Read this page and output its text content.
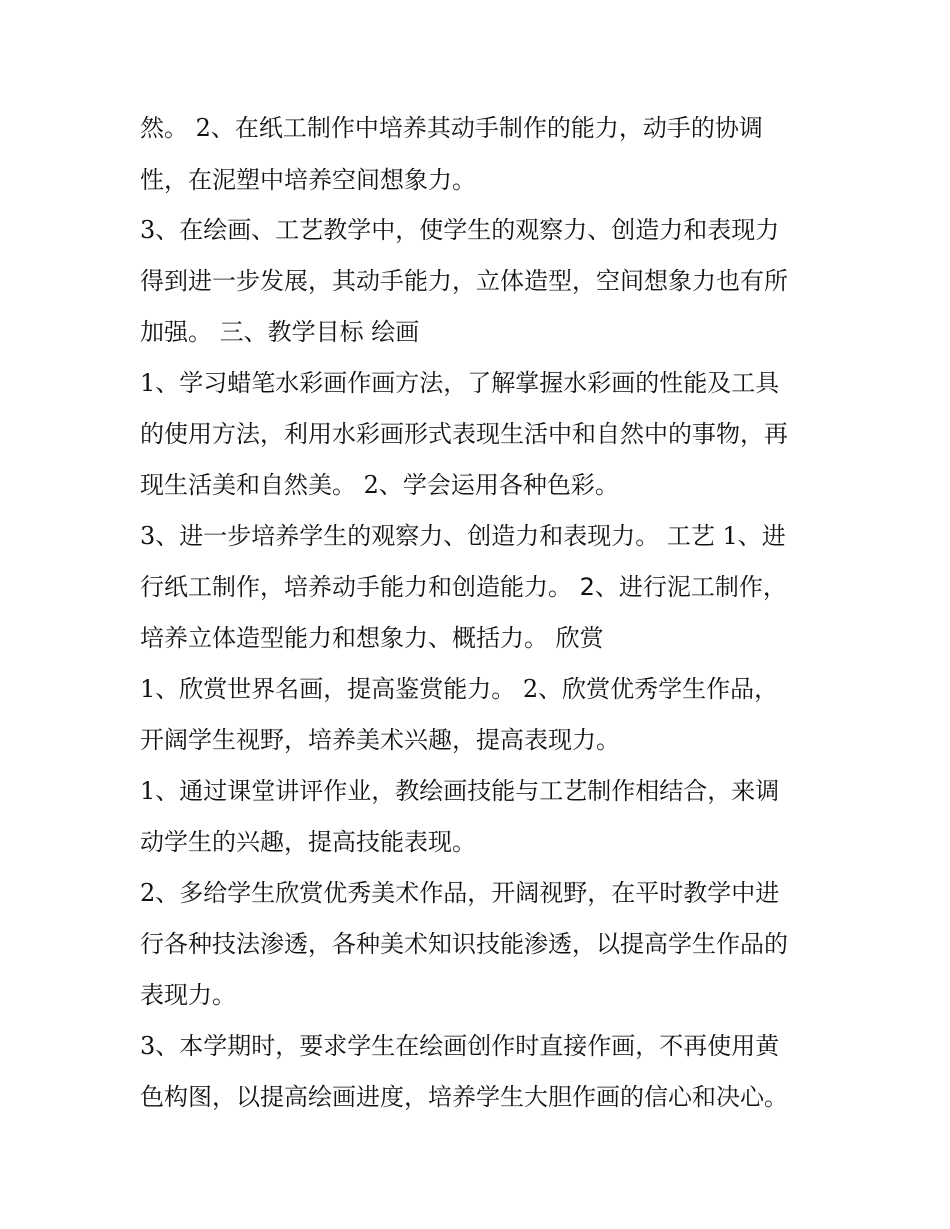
然。 2、在纸工制作中培养其动手制作的能力，动手的协调
性，在泥塑中培养空间想象力。
3、在绘画、工艺教学中，使学生的观察力、创造力和表现力
得到进一步发展，其动手能力，立体造型，空间想象力也有所
加强。 三、教学目标 绘画
1、学习蜡笔水彩画作画方法，了解掌握水彩画的性能及工具
的使用方法，利用水彩画形式表现生活中和自然中的事物，再
现生活美和自然美。 2、学会运用各种色彩。
3、进一步培养学生的观察力、创造力和表现力。 工艺 1、进
行纸工制作，培养动手能力和创造能力。 2、进行泥工制作，
培养立体造型能力和想象力、概括力。 欣赏
1、欣赏世界名画，提高鉴赏能力。 2、欣赏优秀学生作品，
开阔学生视野，培养美术兴趣，提高表现力。
1、通过课堂讲评作业，教绘画技能与工艺制作相结合，来调
动学生的兴趣，提高技能表现。
2、多给学生欣赏优秀美术作品，开阔视野，在平时教学中进
行各种技法渗透，各种美术知识技能渗透，以提高学生作品的
表现力。
3、本学期时，要求学生在绘画创作时直接作画，不再使用黄
色构图，以提高绘画进度，培养学生大胆作画的信心和决心。
